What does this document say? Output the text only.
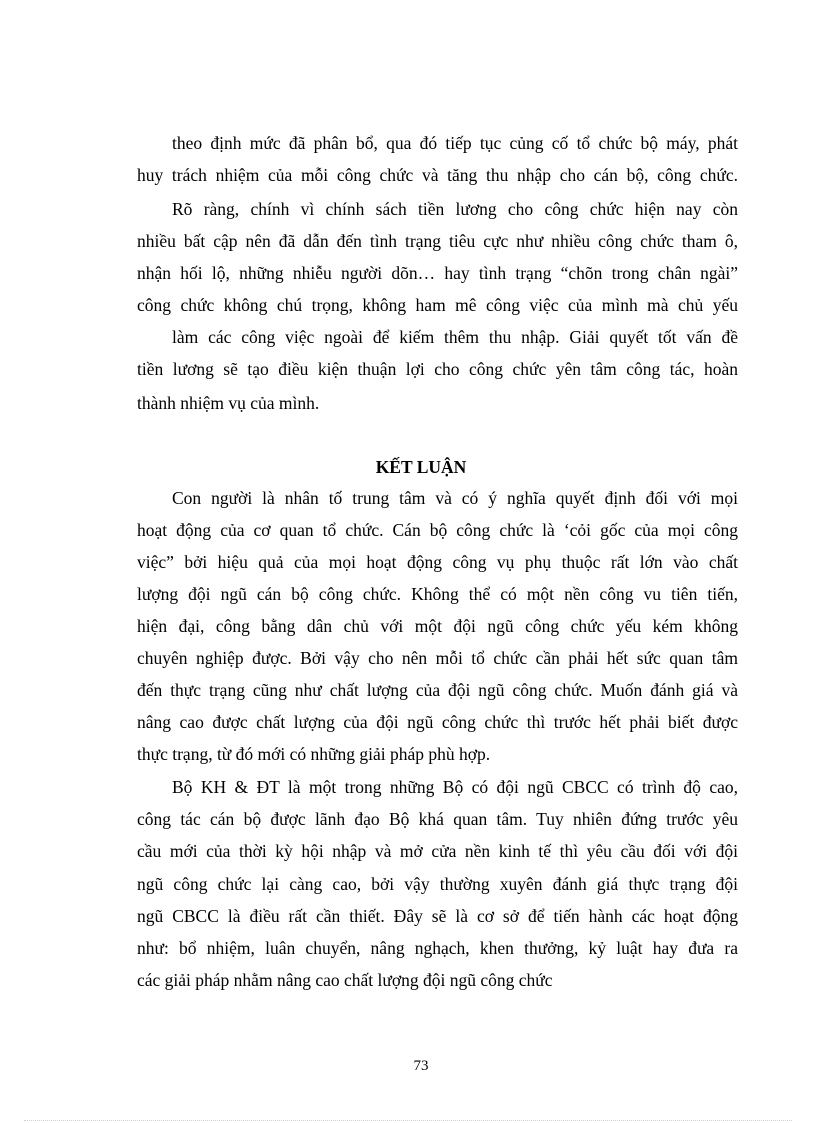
theo định mức đã phân bổ, qua đó tiếp tục củng cố tổ chức bộ máy, phát
huy trách nhiệm của mỗi công chức và tăng thu nhập cho cán bộ, công chức.
Rõ ràng, chính vì chính sách tiền lương cho công chức hiện nay còn
nhiều bất cập nên đã dẫn đến tình trạng tiêu cực như nhiều công chức tham ô,
nhận hối lộ, những nhiễu người dõn… hay tình trạng “chõn trong chân ngài”
công chức không chú trọng, không ham mê công việc của mình mà chủ yếu
làm các công việc ngoài để kiếm thêm thu nhập. Giải quyết tốt vấn đề
tiền lương sẽ tạo điều kiện thuận lợi cho công chức yên tâm công tác, hoàn
thành nhiệm vụ của mình.
KẾT LUẬN
Con người là nhân tố trung tâm và có ý nghĩa quyết định đối với mọi
hoạt động của cơ quan tổ chức. Cán bộ công chức là ‘cỏi gốc của mọi công
việc” bởi hiệu quả của mọi hoạt động công vụ phụ thuộc rất lớn vào chất
lượng đội ngũ cán bộ công chức. Không thể có một nền công vu tiên tiến,
hiện đại, công bằng dân chủ với một đội ngũ công chức yếu kém không
chuyên nghiệp được. Bởi vậy cho nên mỗi tổ chức cần phải hết sức quan tâm
đến thực trạng cũng như chất lượng của đội ngũ công chức. Muốn đánh giá và
nâng cao được chất lượng của đội ngũ công chức thì trước hết phải biết được
thực trạng, từ đó mới có những giải pháp phù hợp.
Bộ KH & ĐT là một trong những Bộ có đội ngũ CBCC có trình độ cao,
công tác cán bộ được lãnh đạo Bộ khá quan tâm. Tuy nhiên đứng trước yêu
cầu mới của thời kỳ hội nhập và mở cửa nền kinh tế thì yêu cầu đối với đội
ngũ công chức lại càng cao, bởi vậy thường xuyên đánh giá thực trạng đội
ngũ CBCC là điều rất cần thiết. Đây sẽ là cơ sở để tiến hành các hoạt động
như: bổ nhiệm, luân chuyển, nâng nghạch, khen thưởng, kỷ luật hay đưa ra
các giải pháp nhằm nâng cao chất lượng đội ngũ công chức
73
